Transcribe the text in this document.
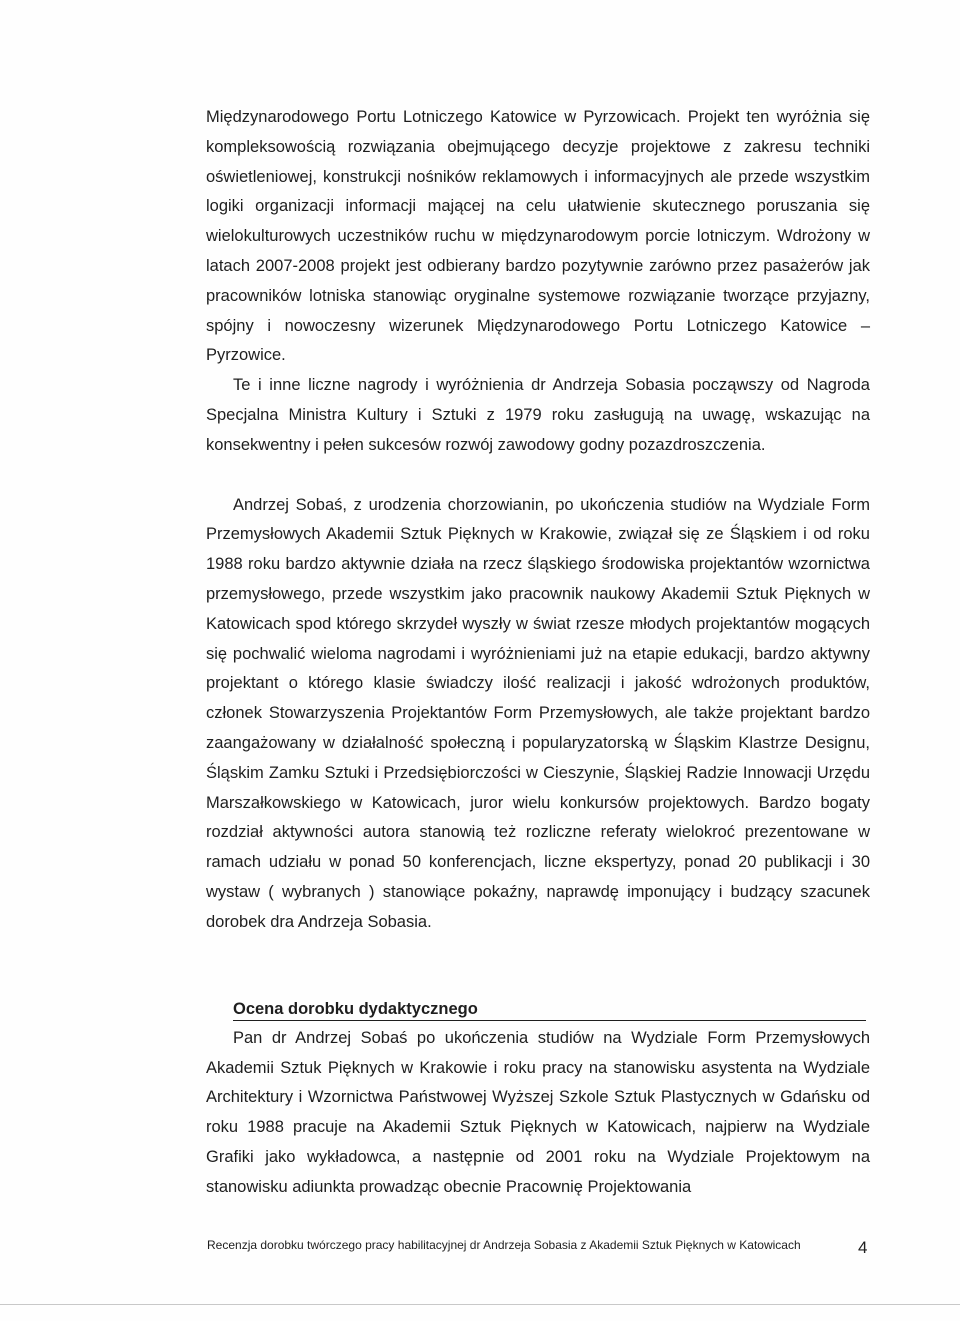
Międzynarodowego Portu Lotniczego Katowice w Pyrzowicach. Projekt ten wyróżnia się kompleksowością rozwiązania obejmującego decyzje projektowe z zakresu techniki oświetleniowej, konstrukcji nośników reklamowych i informacyjnych ale przede wszystkim logiki organizacji informacji mającej na celu ułatwienie skutecznego poruszania się wielokulturowych uczestników ruchu w międzynarodowym porcie lotniczym. Wdrożony w latach 2007-2008 projekt jest odbierany bardzo pozytywnie zarówno przez pasażerów jak pracowników lotniska stanowiąc oryginalne systemowe rozwiązanie tworzące przyjazny, spójny i nowoczesny wizerunek Międzynarodowego Portu Lotniczego Katowice – Pyrzowice.

Te i inne liczne nagrody i wyróżnienia dr Andrzeja Sobasia począwszy od Nagroda Specjalna Ministra Kultury i Sztuki z 1979 roku zasługują na uwagę, wskazując na konsekwentny i pełen sukcesów rozwój zawodowy godny pozazdroszczenia.

Andrzej Sobaś, z urodzenia chorzowianin, po ukończenia studiów na Wydziale Form Przemysłowych Akademii Sztuk Pięknych w Krakowie, związał się ze Śląskiem i od roku 1988 roku bardzo aktywnie działa na rzecz śląskiego środowiska projektantów wzornictwa przemysłowego, przede wszystkim jako pracownik naukowy Akademii Sztuk Pięknych w Katowicach spod którego skrzydeł wyszły w świat rzesze młodych projektantów mogących się pochwalić wieloma nagrodami i wyróżnieniami już na etapie edukacji, bardzo aktywny projektant o którego klasie świadczy ilość realizacji i jakość wdrożonych produktów, członek Stowarzyszenia Projektantów Form Przemysłowych, ale także projektant bardzo zaangażowany w działalność społeczną i popularyzatorską w Śląskim Klastrze Designu, Śląskim Zamku Sztuki i Przedsiębiorczości w Cieszynie, Śląskiej Radzie Innowacji Urzędu Marszałkowskiego w Katowicach, juror wielu konkursów projektowych. Bardzo bogaty rozdział aktywności autora stanowią też rozliczne referaty wielokroć prezentowane w ramach udziału w ponad 50 konferencjach, liczne ekspertyzy, ponad 20 publikacji i 30 wystaw ( wybranych ) stanowiące pokaźny, naprawdę imponujący i budzący szacunek dorobek dra Andrzeja Sobasia.

Ocena dorobku dydaktycznego

Pan dr Andrzej Sobaś po ukończenia studiów na Wydziale Form Przemysłowych Akademii Sztuk Pięknych w Krakowie i roku pracy na stanowisku asystenta na Wydziale Architektury i Wzornictwa Państwowej Wyższej Szkole Sztuk Plastycznych w Gdańsku od roku 1988 pracuje na Akademii Sztuk Pięknych w Katowicach, najpierw na Wydziale Grafiki jako wykładowca, a następnie od 2001 roku na Wydziale Projektowym na stanowisku adiunkta prowadząc obecnie Pracownię Projektowania

Recenzja dorobku twórczego pracy habilitacyjnej dr Andrzeja Sobasia z Akademii Sztuk Pięknych w Katowicach	4
